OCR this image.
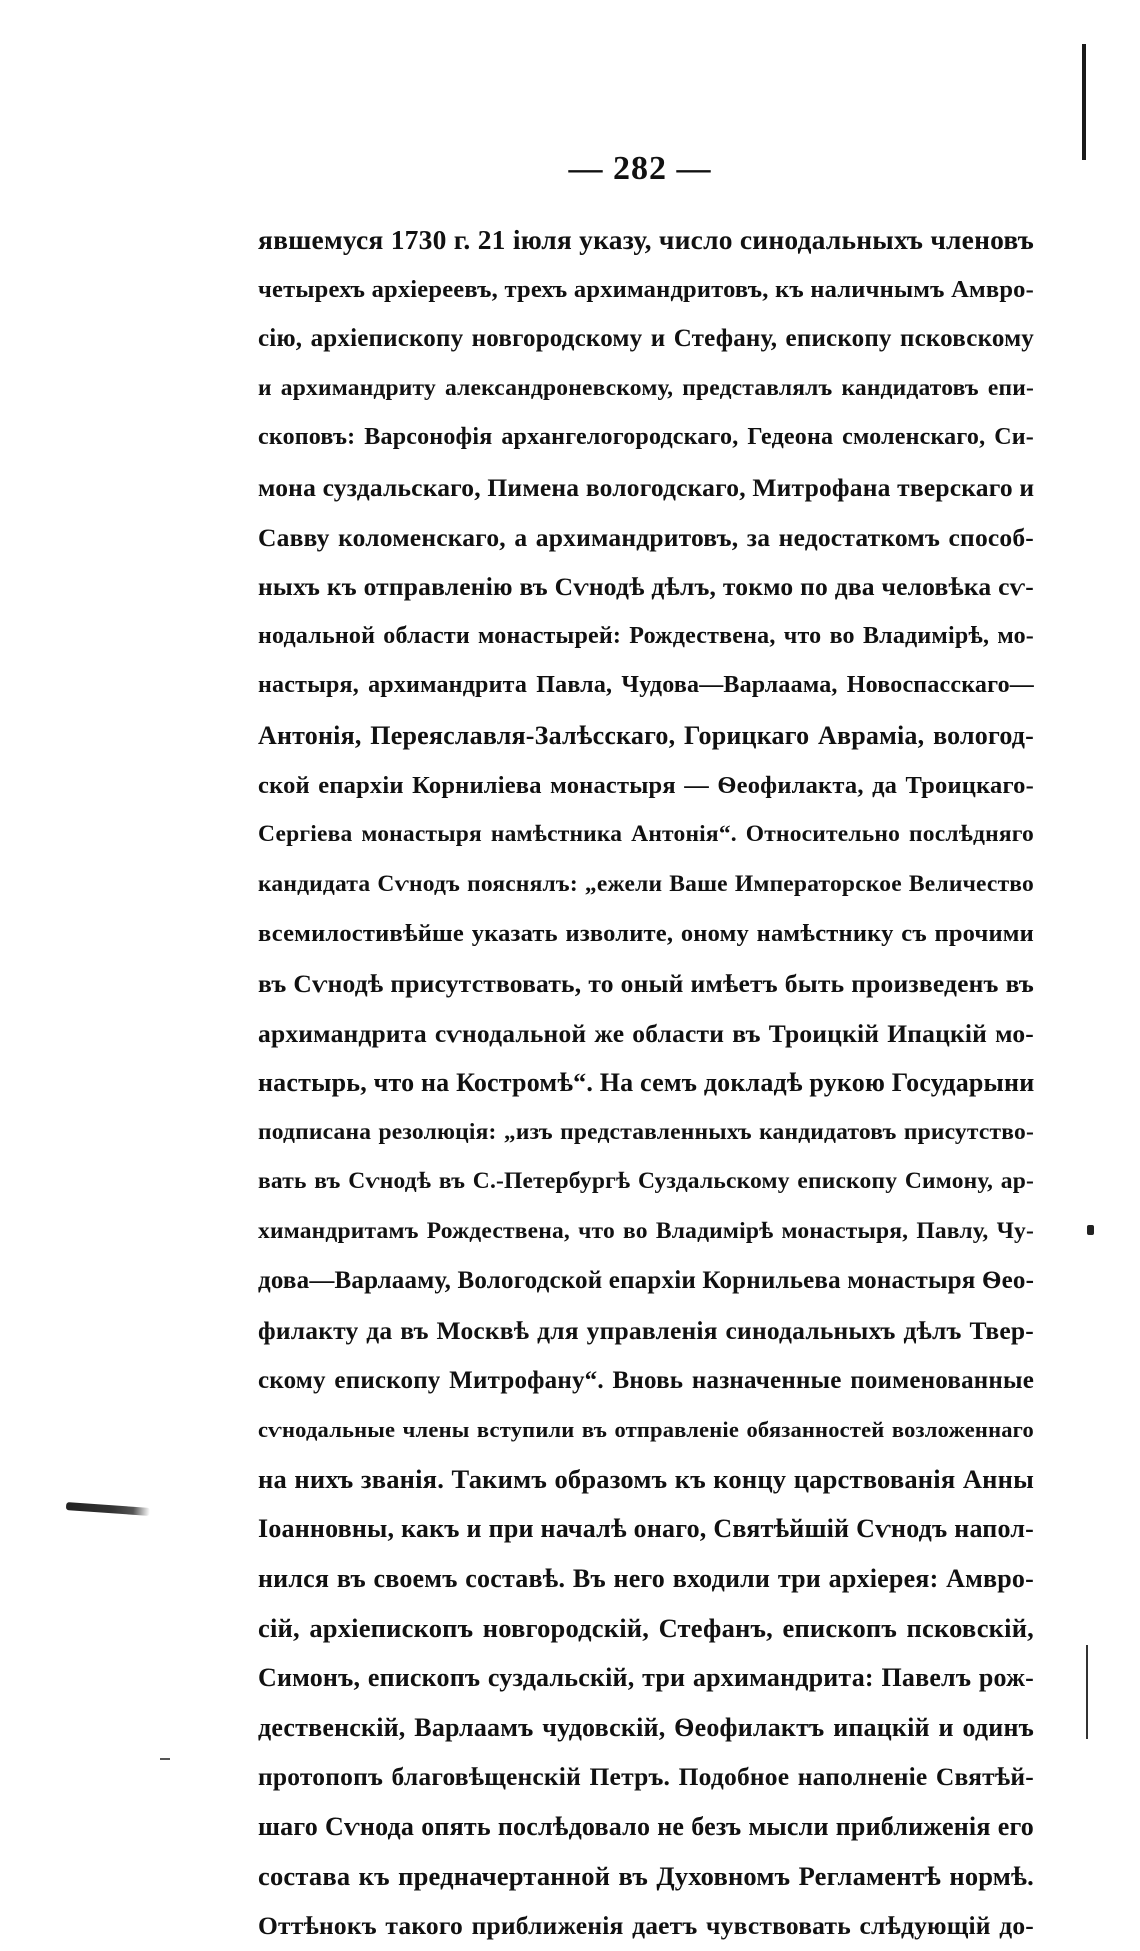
— 282 —
явшемуся 1730 г. 21 іюля указу, число синодальныхъ членовъ
четырехъ архіереевъ, трехъ архимандритовъ, къ наличнымъ Амвро-
сію, архіепископу новгородскому и Стефану, епископу псковскому
и архимандриту александроневскому, представлялъ кандидатовъ епи-
скоповъ: Варсонофія архангелогородскаго, Гедеона смоленскаго, Си-
мона суздальскаго, Пимена вологодскаго, Митрофана тверскаго и
Савву коломенскаго, а архимандритовъ, за недостаткомъ способ-
ныхъ къ отправленію въ Сѵнодѣ дѣлъ, токмо по два человѣка сѵ-
нодальной области монастырей: Рождествена, что во Владимірѣ, мо-
настыря, архимандрита Павла, Чудова—Варлаама, Новоспасскаго—
Антонія, Переяславля-Залѣсскаго, Горицкаго Авраміа, вологод-
ской епархіи Корниліева монастыря — Ѳеофилакта, да Троицкаго-
Сергіева монастыря намѣстника Антонія“. Относительно послѣдняго
кандидата Сѵнодъ пояснялъ: „ежели Ваше Императорское Величество
всемилостивѣйше указать изволите, оному намѣстнику съ прочими
въ Сѵнодѣ присутствовать, то оный имѣетъ быть произведенъ въ
архимандрита сѵнодальной же области въ Троицкій Ипацкій мо-
настырь, что на Костромѣ“. На семъ докладѣ рукою Государыни
подписана резолюція: „изъ представленныхъ кандидатовъ присутство-
вать въ Сѵнодѣ въ С.-Петербургѣ Суздальскому епископу Симону, ар-
химандритамъ Рождествена, что во Владимірѣ монастыря, Павлу, Чу-
дова—Варлааму, Вологодской епархіи Корнильева монастыря Ѳео-
филакту да въ Москвѣ для управленія синодальныхъ дѣлъ Твер-
скому епископу Митрофану“. Вновь назначенные поименованные
сѵнодальные члены вступили въ отправленіе обязанностей возложеннаго
на нихъ званія. Такимъ образомъ къ концу царствованія Анны
Іоанновны, какъ и при началѣ онаго, Святѣйшій Сѵнодъ напол-
нился въ своемъ составѣ. Въ него входили три архіерея: Амвро-
сій, архіепископъ новгородскій, Стефанъ, епископъ псковскій,
Симонъ, епископъ суздальскій, три архимандрита: Павелъ рож-
дественскій, Варлаамъ чудовскій, Ѳеофилактъ ипацкій и одинъ
протопопъ благовѣщенскій Петръ. Подобное наполненіе Святѣй-
шаго Сѵнода опять послѣдовало не безъ мысли приближенія его
состава къ предначертанной въ Духовномъ Регламентѣ нормѣ.
Оттѣнокъ такого приближенія даетъ чувствовать слѣдующій до-
